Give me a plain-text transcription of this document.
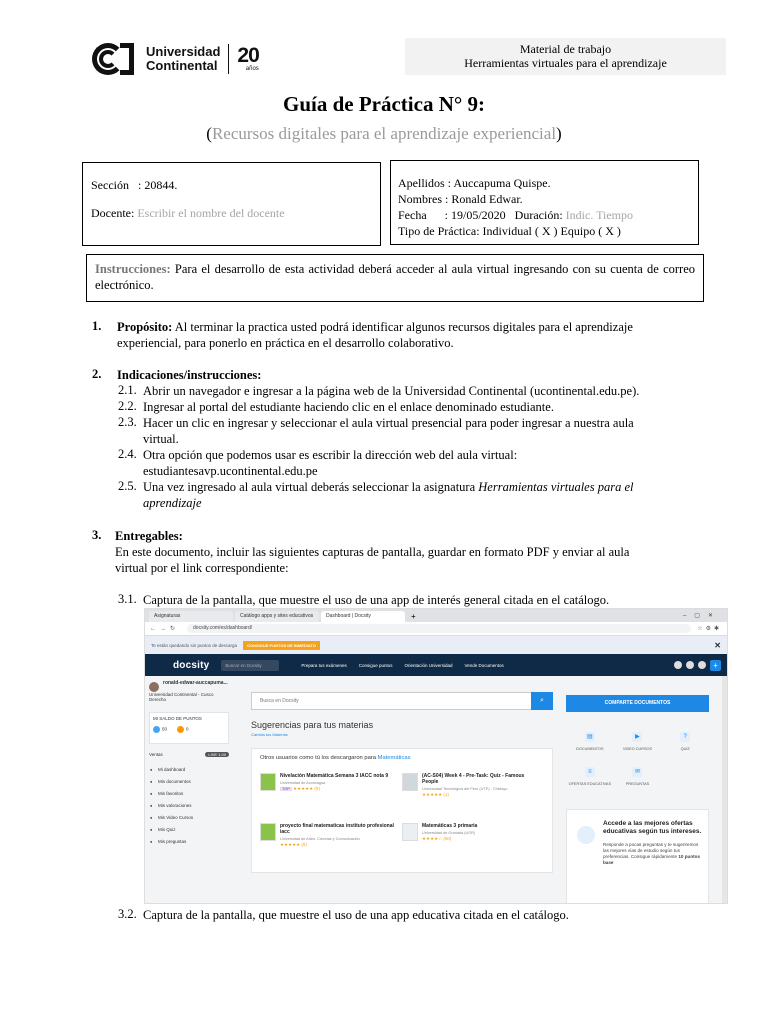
Universidad
Continental 20
años
Material de trabajo
Herramientas virtuales para el aprendizaje
Guía de Práctica N° 9:
(Recursos digitales para el aprendizaje experiencial)
Sección : 20844.
Docente: Escribir el nombre del docente
Apellidos : Auccapuma Quispe.
Nombres : Ronald Edwar.
Fecha : 19/05/2020 Duración: Indic. Tiempo
Tipo de Práctica: Individual ( X ) Equipo ( X )
Instrucciones: Para el desarrollo de esta actividad deberá acceder al aula virtual ingresando con su cuenta de correo electrónico.
1. Propósito: Al terminar la practica usted podrá identificar algunos recursos digitales para el aprendizaje experiencial, para ponerlo en práctica en el desarrollo colaborativo.
2. Indicaciones/instrucciones:
2.1. Abrir un navegador e ingresar a la página web de la Universidad Continental (ucontinental.edu.pe).
2.2. Ingresar al portal del estudiante haciendo clic en el enlace denominado estudiante.
2.3. Hacer un clic en ingresar y seleccionar el aula virtual presencial para poder ingresar a nuestra aula virtual.
2.4. Otra opción que podemos usar es escribir la dirección web del aula virtual: estudiantesavp.ucontinental.edu.pe
2.5. Una vez ingresado al aula virtual deberás seleccionar la asignatura Herramientas virtuales para el aprendizaje
3. Entregables:
En este documento, incluir las siguientes capturas de pantalla, guardar en formato PDF y enviar al aula virtual por el link correspondiente:
3.1. Captura de la pantalla, que muestre el uso de una app de interés general citada en el catálogo.
Asignaturas	Catálogo apps y sites educativos	Dashboard | Docsity	+	–▢✕
←→↻	docsity.com/es/dashboard/	☆⚙✱
Te están quedando sin puntos de descarga	CONSIGUE PUNTOS DE INMEDIATO	✕
docsity	Buscar en Docsity	Prepara tus exámenes	Consigue puntos	Orientación Universidad	Vende Documentos	+
ronald-edwar-auccapuma...
Universidad Continental - Cusco
Derecho
MI SALDO DE PUNTOS
50	0
Ventas	LIVE 1.00
● Mi dashboard
● Mis documentos
● Mis favoritos
● Mis valoraciones
● Mis Video Cursos
● Mis Quiz
● Mis preguntas
Busca en Docsity	⌕
Sugerencias para tus materias
Cambia tus Materias
Otros usuarios como tú los descargaron para Matemáticas
Nivelación Matemática Semana 3 IACC nota 9
Universidad de Aconcagua
TOP ★★★★★ (9)
(AC-S04) Week 4 - Pre-Task: Quiz - Famous People
Universidad Tecnológica del Perú (UTP) - Chiclayo
★★★★★ (1)
proyecto final matematicas instituto profesional iacc
Universidad de Artes, Ciencias y Comunicación
★★★★★ (8)
Matemáticas 3 primaria
Universidad de Granada (UGR)
★★★★☆ (60)
COMPARTE DOCUMENTOS
▤
DOCUMENTOS
▶
VIDEO CURSOS
?
QUIZ
≡
OFERTAS EDUCATIVAS
✉
PREGUNTAS
Accede a las mejores ofertas educativas según tus intereses.
Responde a pocas preguntas y te sugeriremos las mejores vías de estudio según tus preferencias. Consigue rápidamente 10 puntos base
3.2. Captura de la pantalla, que muestre el uso de una app educativa citada en el catálogo.
